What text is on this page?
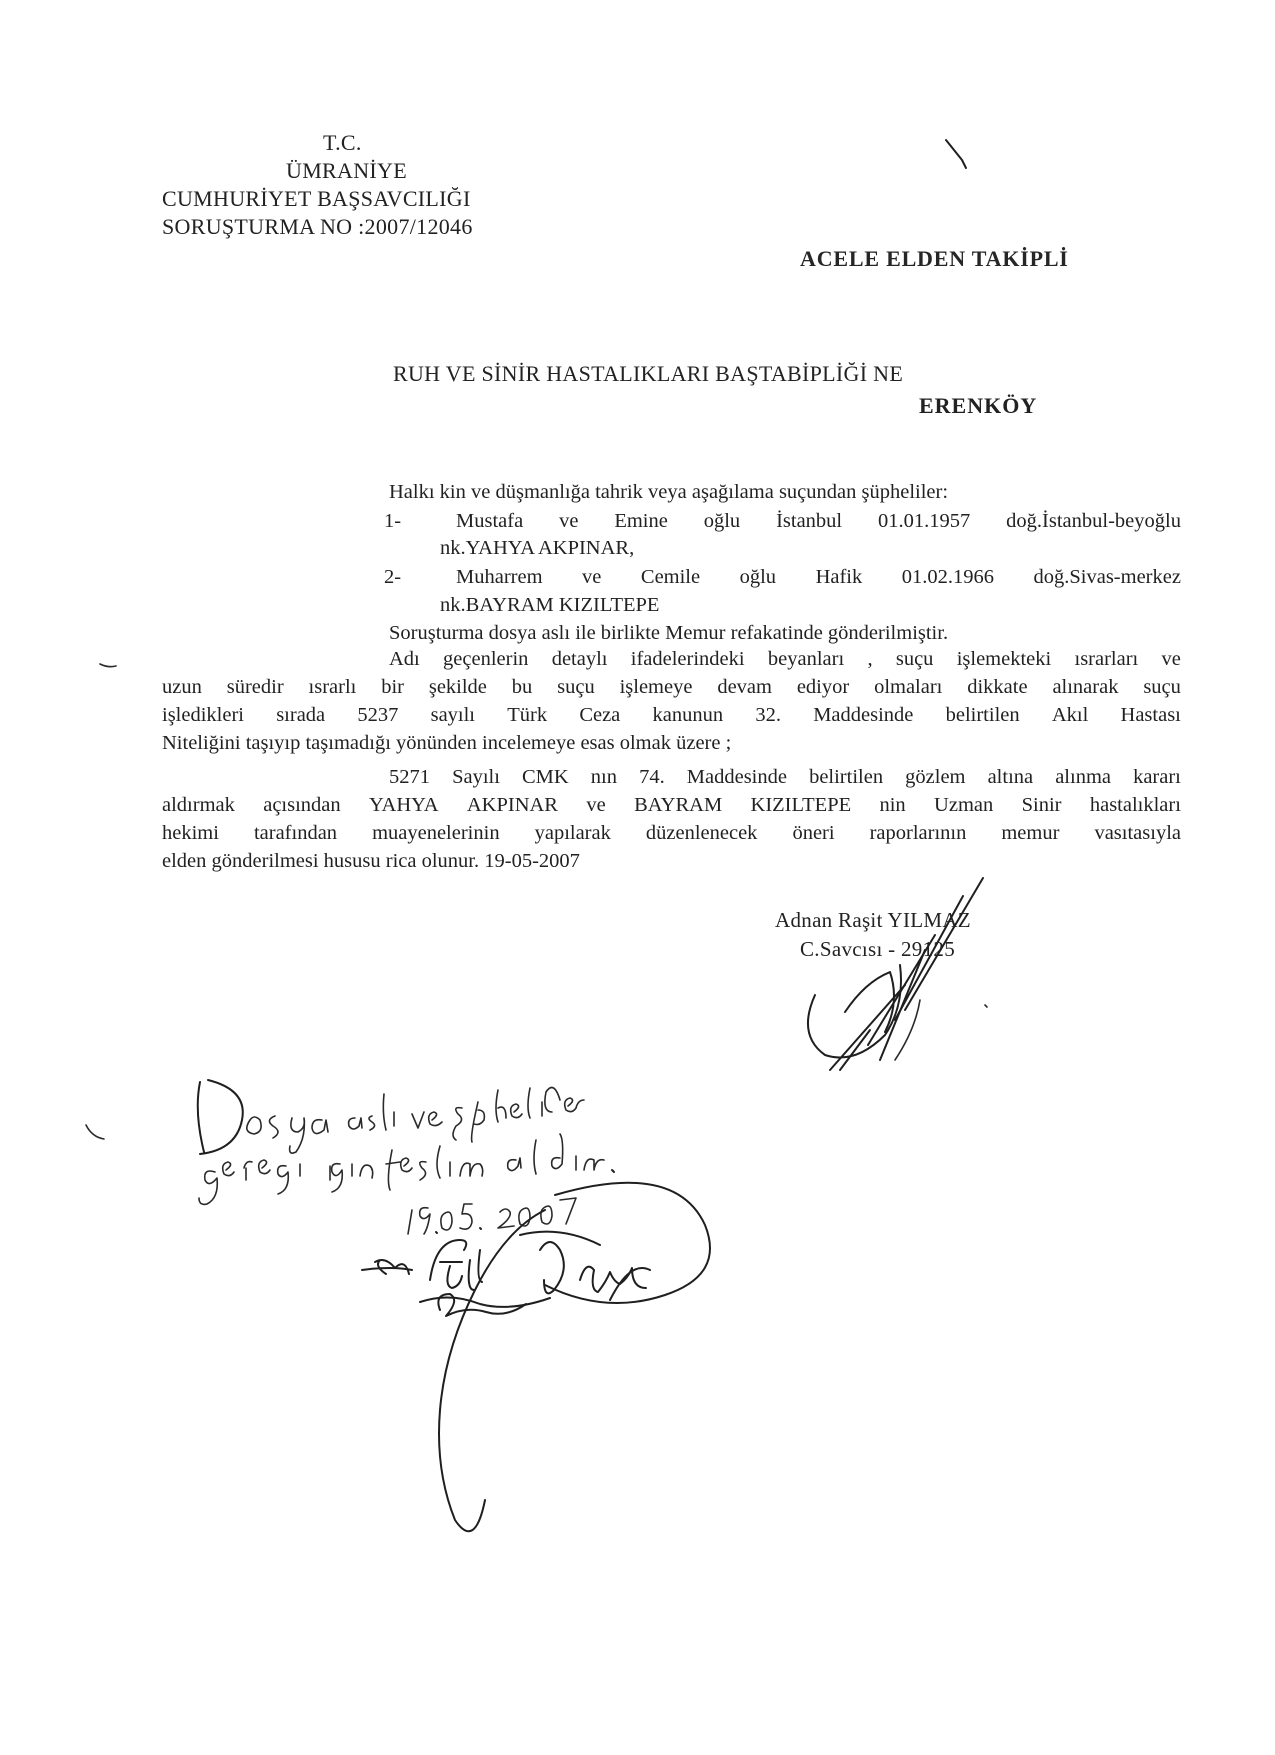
T.C.
ÜMRANİYE
CUMHURİYET BAŞSAVCILIĞI
SORUŞTURMA NO :2007/12046
ACELE ELDEN TAKİPLİ
RUH VE SİNİR HASTALIKLARI BAŞTABİPLİĞİ NE
ERENKÖY
Halkı kin ve düşmanlığa tahrik veya aşağılama suçundan şüpheliler:
1-	Mustafa ve Emine oğlu İstanbul 01.01.1957 doğ.İstanbul-beyoğlu
nk.YAHYA AKPINAR,
2-	Muharrem ve Cemile oğlu Hafik 01.02.1966 doğ.Sivas-merkez
nk.BAYRAM KIZILTEPE
Soruşturma dosya aslı ile birlikte Memur refakatinde gönderilmiştir.
Adı geçenlerin detaylı ifadelerindeki beyanları , suçu işlemekteki ısrarları ve
uzun süredir ısrarlı bir şekilde bu suçu işlemeye devam ediyor olmaları dikkate alınarak suçu
işledikleri sırada 5237 sayılı Türk Ceza kanunun 32. Maddesinde belirtilen Akıl Hastası
Niteliğini taşıyıp taşımadığı yönünden incelemeye esas olmak üzere ;
5271 Sayılı CMK nın 74. Maddesinde belirtilen gözlem altına alınma kararı
aldırmak açısından YAHYA AKPINAR ve BAYRAM KIZILTEPE nin Uzman Sinir hastalıkları
hekimi tarafından muayenelerinin yapılarak düzenlenecek öneri raporlarının memur vasıtasıyla
elden gönderilmesi hususu rica olunur. 19-05-2007
Adnan Raşit YILMAZ
C.Savcısı - 29125
